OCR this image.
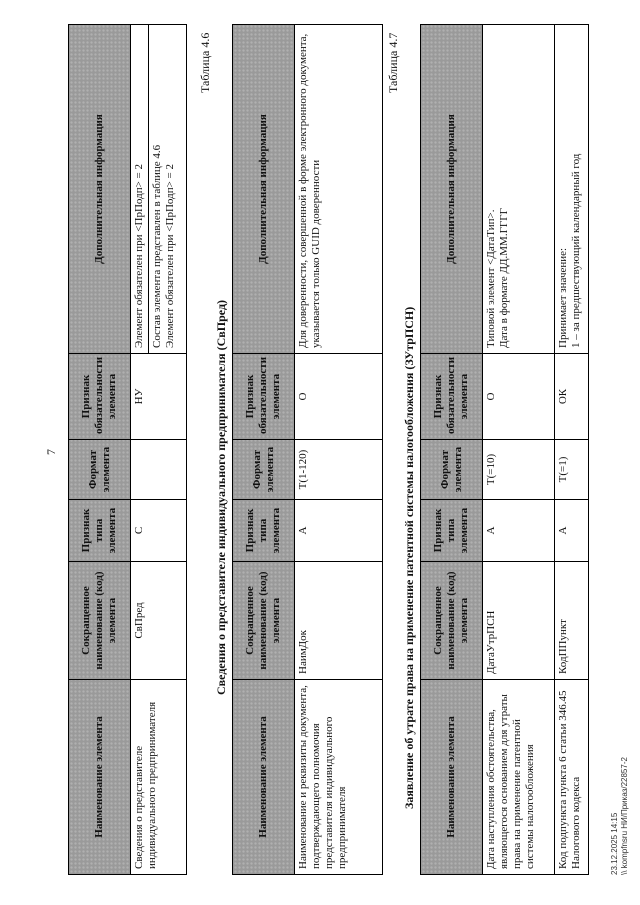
7
Наименование элемента	Сокращенное наименование (код) элемента	Признак типа элемента	Формат элемента	Признак обязательности элемента	Дополнительная информация
Сведения о представителе индивидуального предпринимателя	СвПред	С		НУ	Элемент обязателен при <ПрПодп> = 2 Состав элемента представлен в таблице 4.6 Элемент обязателен при <ПрПодп> = 2
Таблица 4.6
Сведения о представителе индивидуального предпринимателя (СвПред)
Наименование элемента	Сокращенное наименование (код) элемента	Признак типа элемента	Формат элемента	Признак обязательности элемента	Дополнительная информация
Наименование и реквизиты документа, подтверждающего полномочия представителя индивидуального предпринимателя	НаимДок	А	T(1-120)	О	Для доверенности, совершенной в форме электронного документа, указывается только GUID доверенности
Таблица 4.7
Заявление об утрате права на применение патентной системы налогообложения (ЗУтрПСН)	Наименование элемента	Сокращенное наименование (код) элемента	Признак типа элемента	Формат элемента	Признак обязательности элемента	Дополнительная информация
Дата наступления обстоятельства, являющегося основанием для утраты права на применение патентной системы налогообложения	ДатаУтрПСН	А	T(=10)	О	Типовой элемент <ДатаТип>. Дата в формате ДД.ММ.ГГГГ

Код подпункта пункта 6 статьи 346.45 Налогового кодекса	КодППункт	А	T(=1)	ОК	Принимает значение: 1 – за предшествующий календарный год
23.12.2025 14:15 \\ kompfnsru НИ/Приказ/22857-2
